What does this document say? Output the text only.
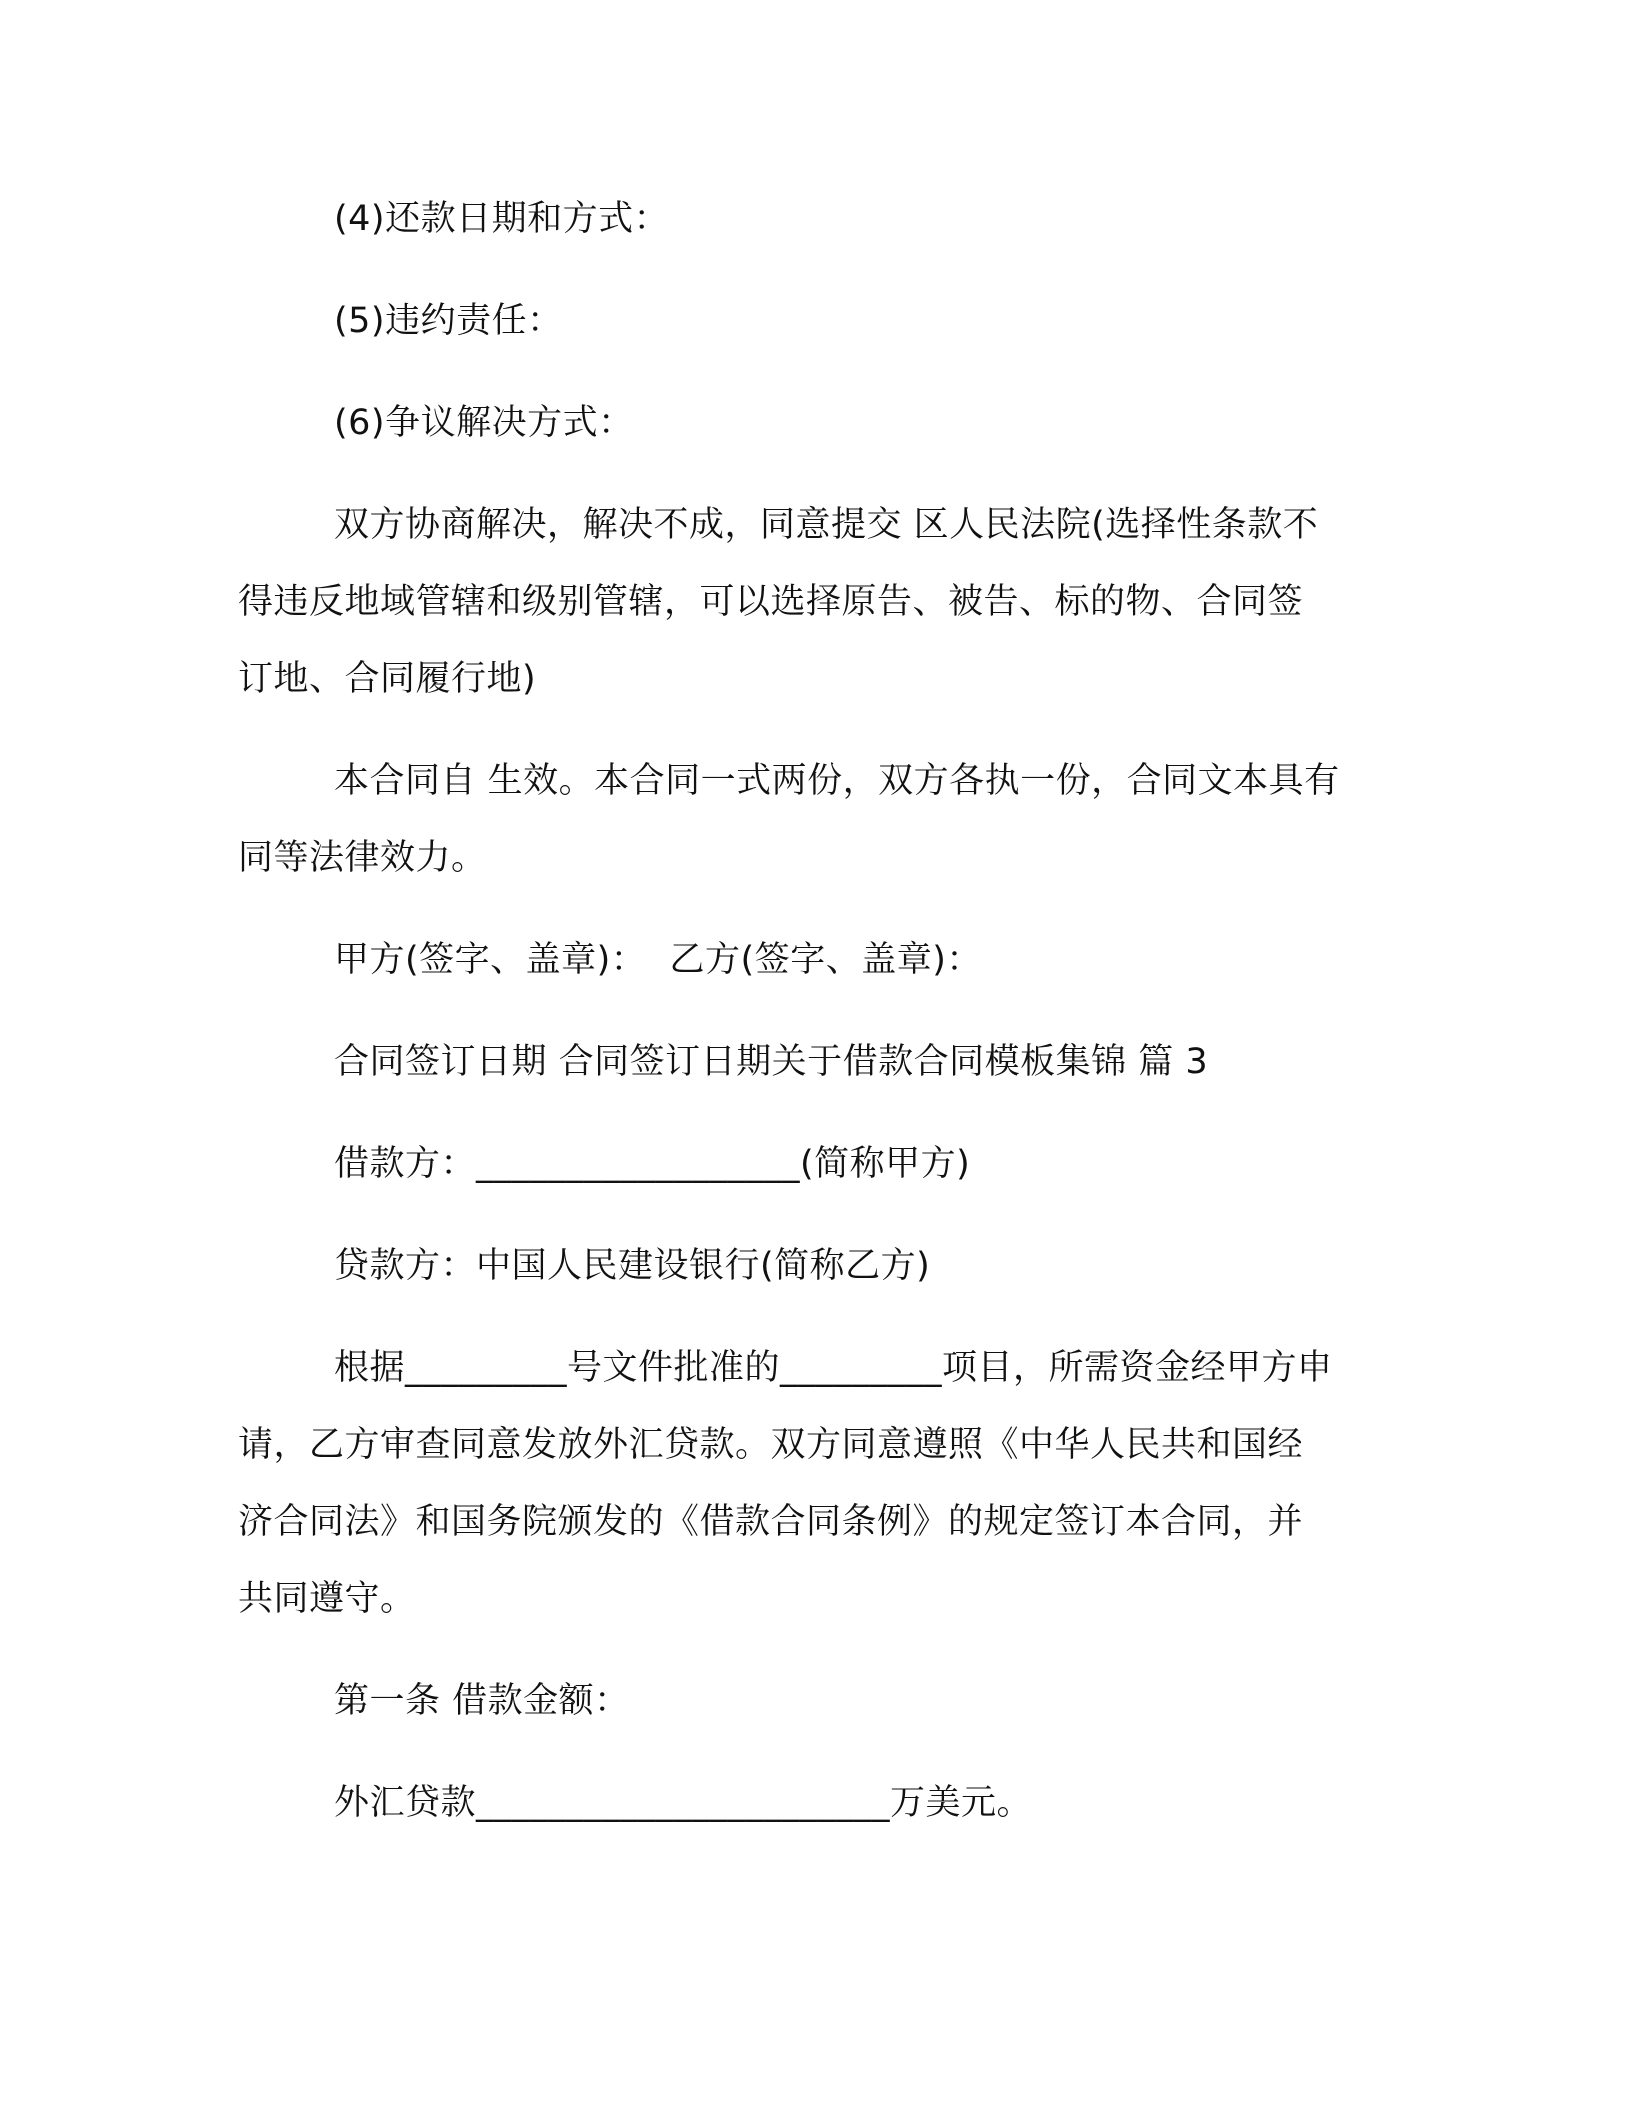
(4)还款日期和方式：
(5)违约责任：
(6)争议解决方式：
双方协商解决，解决不成，同意提交 区人民法院(选择性条款不
得违反地域管辖和级别管辖，可以选择原告、被告、标的物、合同签
订地、合同履行地)
本合同自 生效。本合同一式两份，双方各执一份，合同文本具有
同等法律效力。
甲方(签字、盖章)：  乙方(签字、盖章)：
合同签订日期 合同签订日期关于借款合同模板集锦 篇 3
借款方：__________________(简称甲方)
贷款方：中国人民建设银行(简称乙方)
根据_________号文件批准的_________项目，所需资金经甲方申
请，乙方审查同意发放外汇贷款。双方同意遵照《中华人民共和国经
济合同法》和国务院颁发的《借款合同条例》的规定签订本合同，并
共同遵守。
第一条 借款金额：
外汇贷款_______________________万美元。
